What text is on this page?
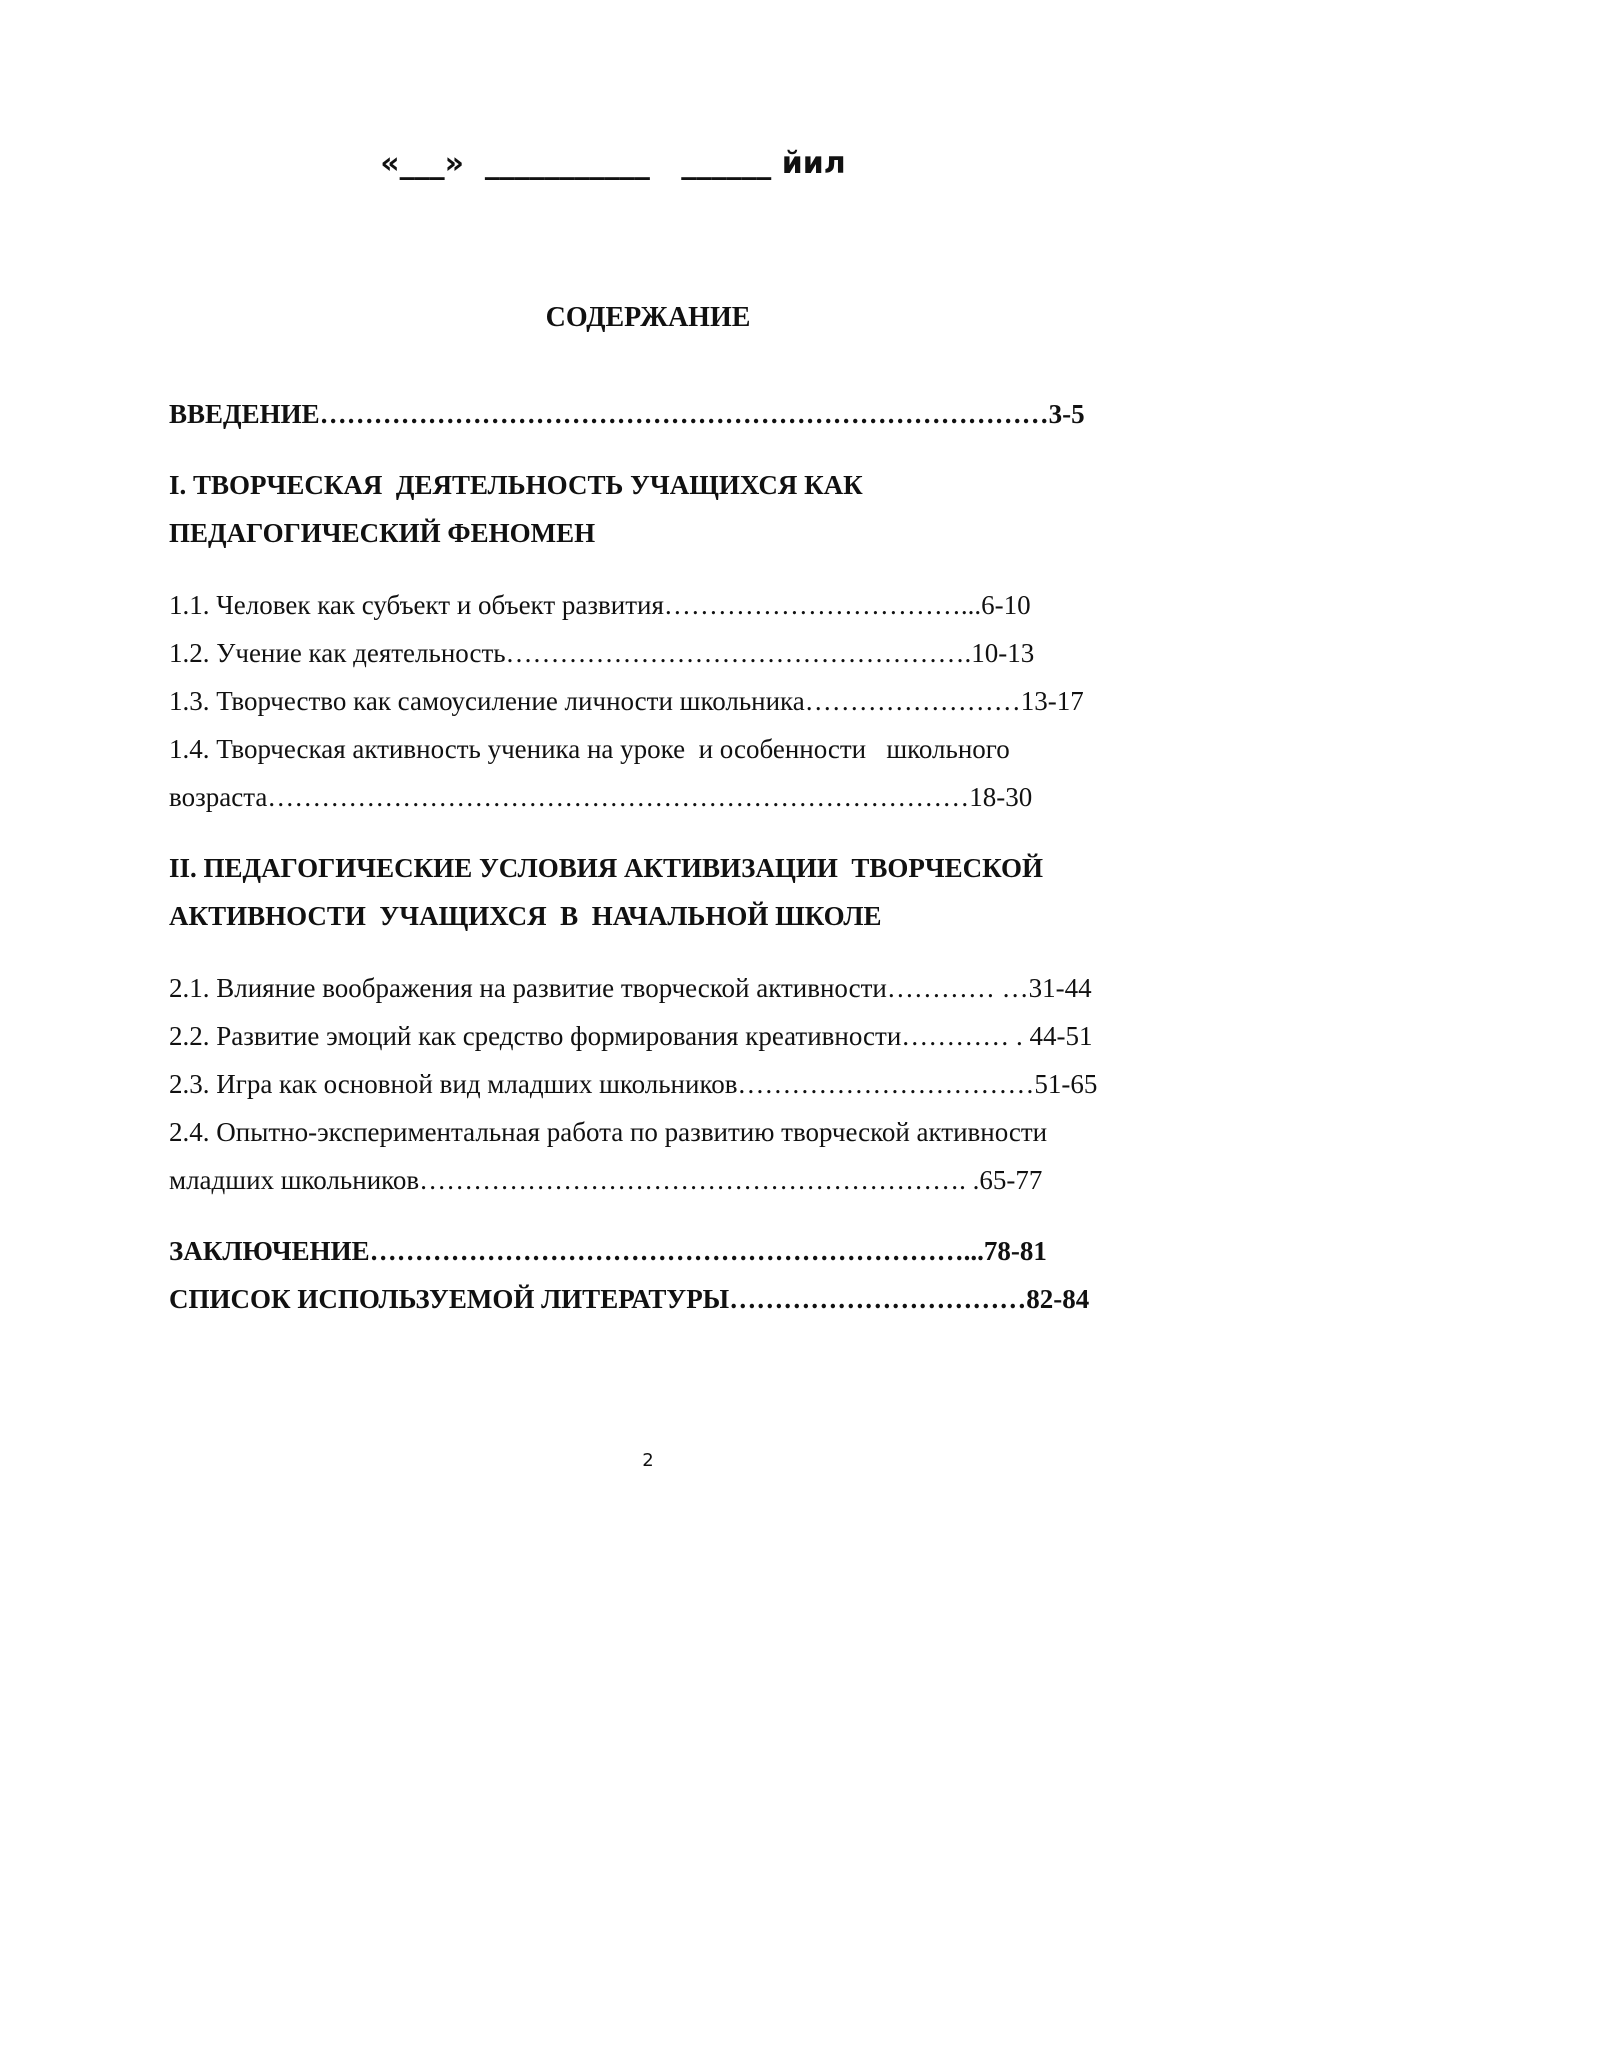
«___»  ___________   ______ йил
СОДЕРЖАНИЕ
ВВЕДЕНИЕ………………………………………………………………………3-5
I. ТВОРЧЕСКАЯ  ДЕЯТЕЛЬНОСТЬ УЧАЩИХСЯ КАК
ПЕДАГОГИЧЕСКИЙ ФЕНОМЕН
1.1. Человек как субъект и объект развития……………………………...6-10
1.2. Учение как деятельность…………………………………………….10-13
1.3. Творчество как самоусиление личности школьника……………………13-17
1.4. Творческая активность ученика на уроке  и особенности   школьного
возраста……………………………………………………………………18-30
II. ПЕДАГОГИЧЕСКИЕ УСЛОВИЯ АКТИВИЗАЦИИ  ТВОРЧЕСКОЙ
АКТИВНОСТИ  УЧАЩИХСЯ  В  НАЧАЛЬНОЙ ШКОЛЕ
2.1. Влияние воображения на развитие творческой активности………… …31-44
2.2. Развитие эмоций как средство формирования креативности………… . 44-51
2.3. Игра как основной вид младших школьников……………………………51-65
2.4. Опытно-экспериментальная работа по развитию творческой активности
младших школьников……………………………………………………. .65-77
ЗАКЛЮЧЕНИЕ…………………………………………………………...78-81
СПИСОК ИСПОЛЬЗУЕМОЙ ЛИТЕРАТУРЫ……………………………82-84
2
